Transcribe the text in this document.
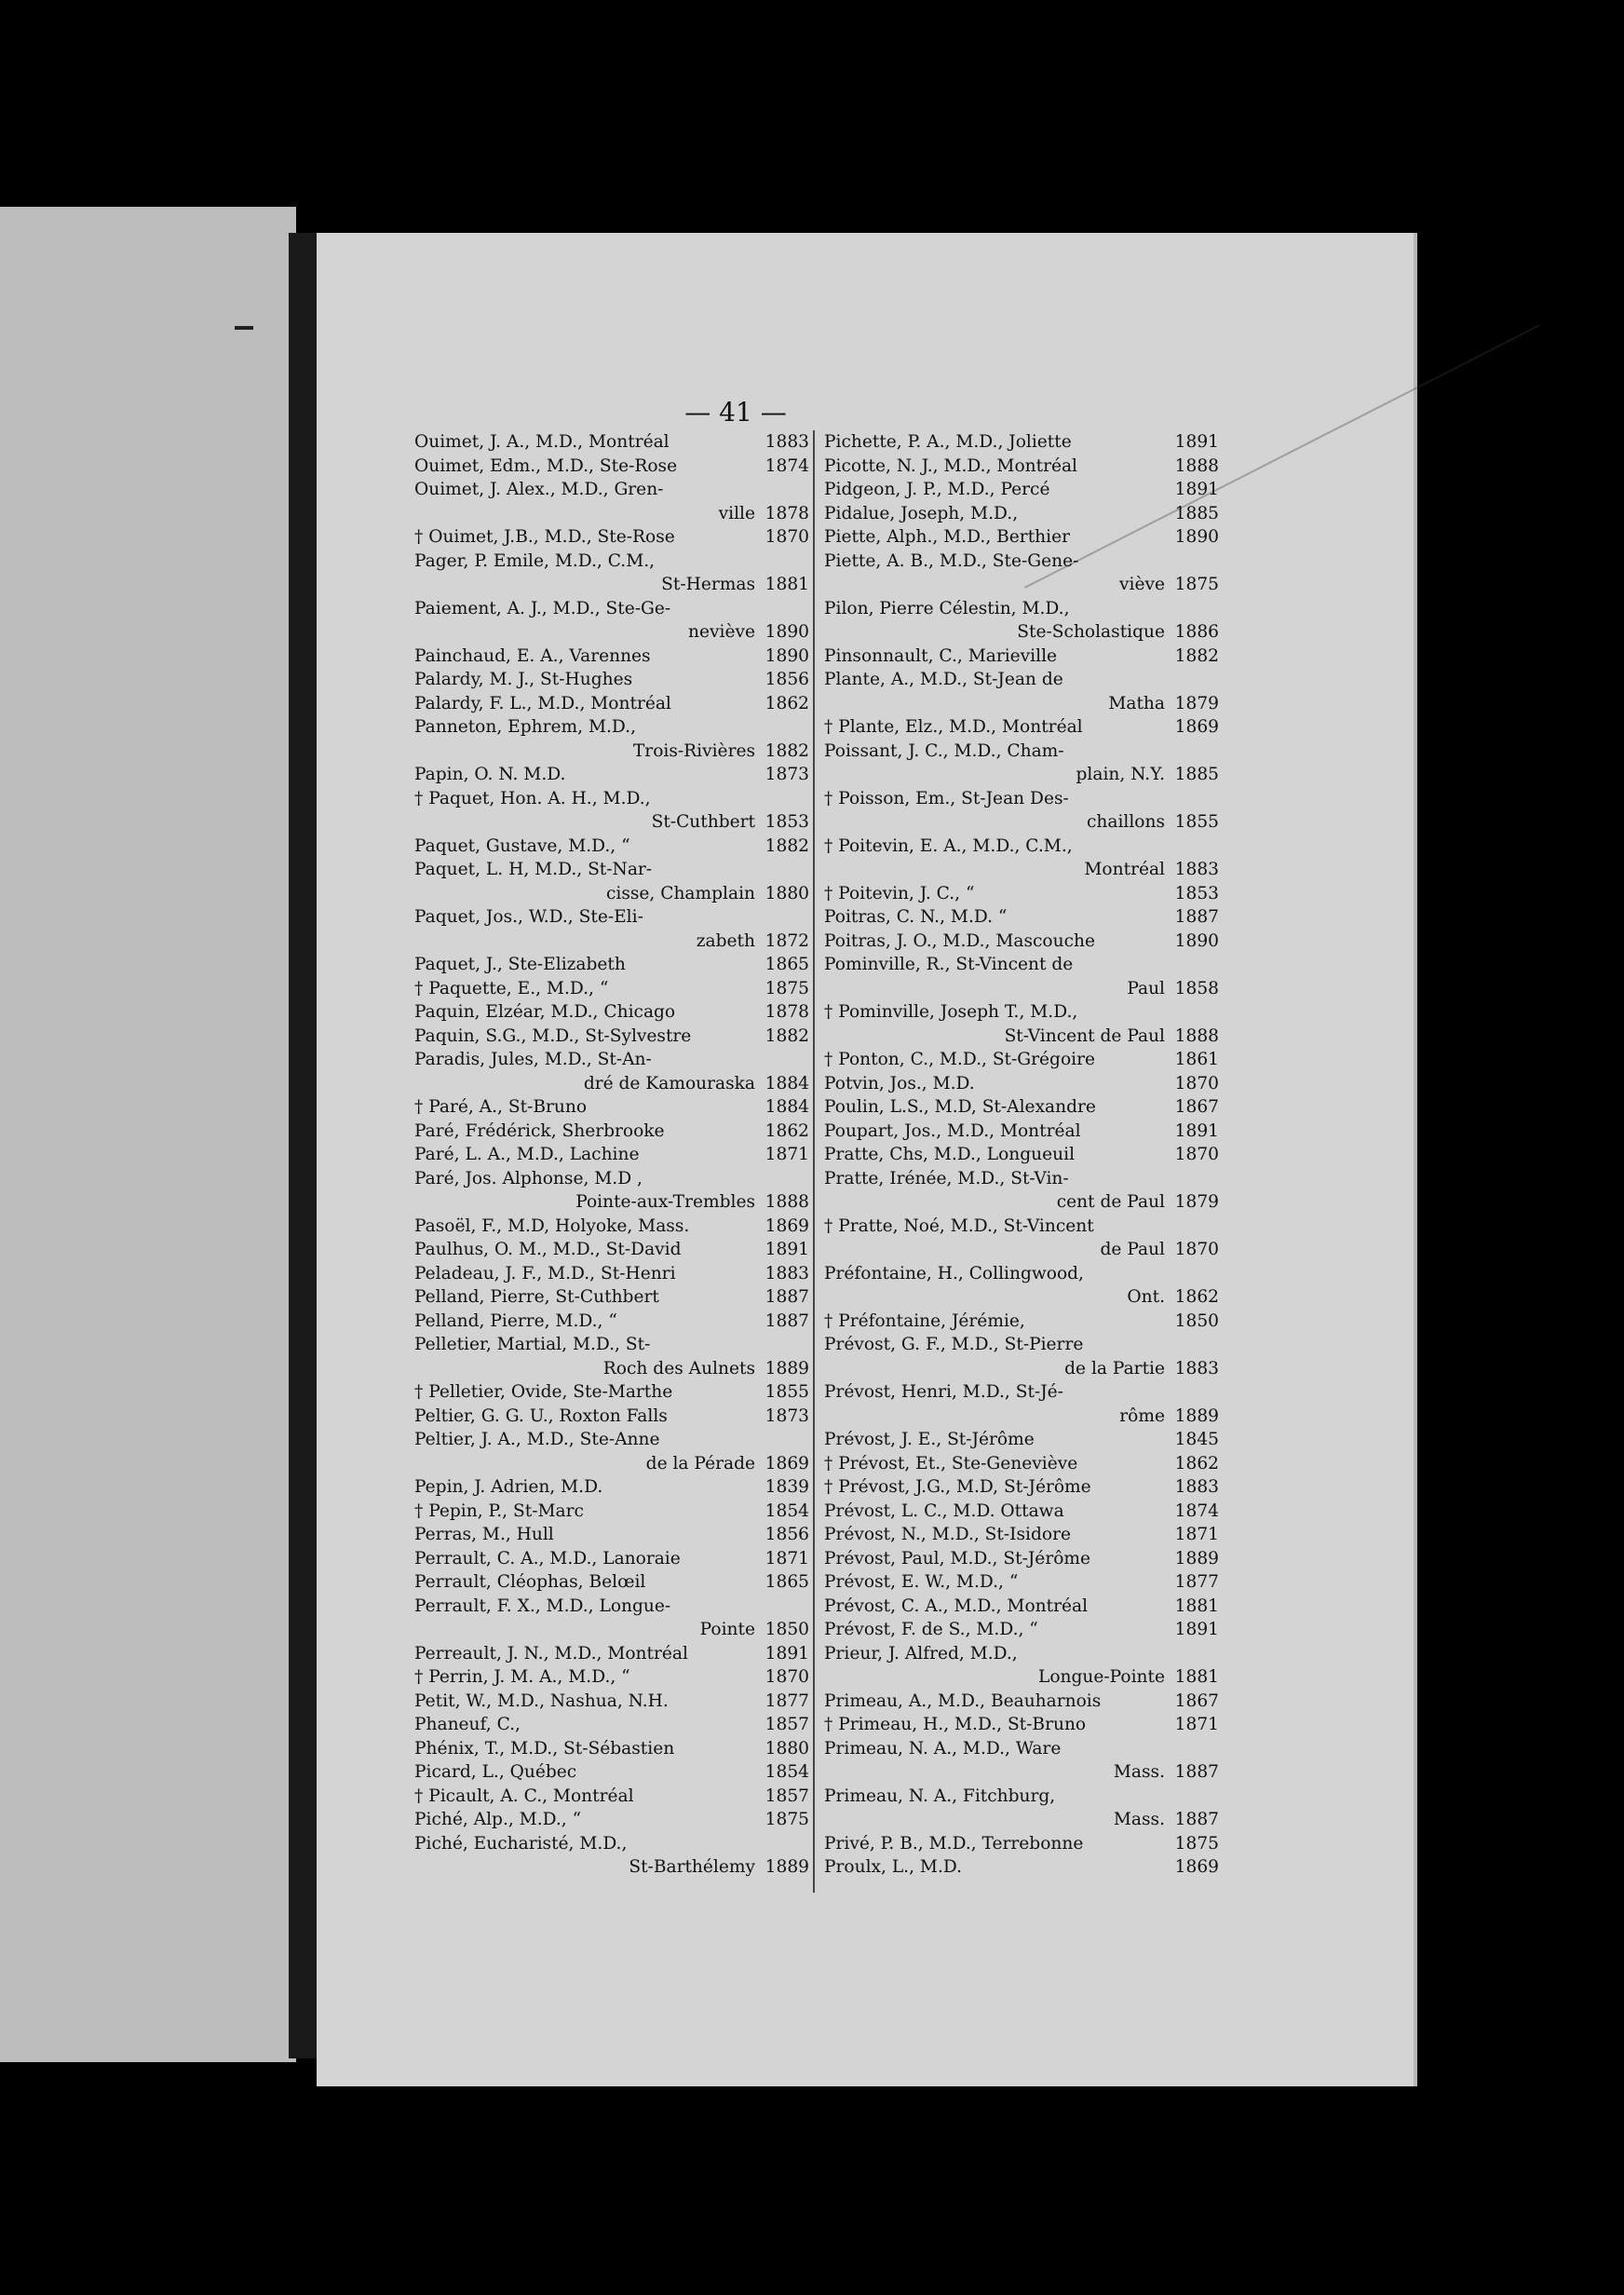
— 41 —
Ouimet, J. A., M.D., Montréal	1883
Ouimet, Edm., M.D., Ste-Rose	1874
Ouimet, J. Alex., M.D., Gren-
ville 1878
† Ouimet, J.B., M.D., Ste-Rose	1870
Pager, P. Emile, M.D., C.M.,
St-Hermas 1881
Paiement, A. J., M.D., Ste-Ge-
neviève 1890
Painchaud, E. A., Varennes	1890
Palardy, M. J., St-Hughes	1856
Palardy, F. L., M.D., Montréal	1862
Panneton, Ephrem, M.D.,
Trois-Rivières 1882
Papin, O. N. M.D.	1873
† Paquet, Hon. A. H., M.D.,
St-Cuthbert 1853
Paquet, Gustave, M.D., “	1882
Paquet, L. H, M.D., St-Nar-
cisse, Champlain 1880
Paquet, Jos., W.D., Ste-Eli-
zabeth 1872
Paquet, J., Ste-Elizabeth	1865
† Paquette, E., M.D., “	1875
Paquin, Elzéar, M.D., Chicago	1878
Paquin, S.G., M.D., St-Sylvestre	1882
Paradis, Jules, M.D., St-An-
dré de Kamouraska 1884
† Paré, A., St-Bruno	1884
Paré, Frédérick, Sherbrooke	1862
Paré, L. A., M.D., Lachine	1871
Paré, Jos. Alphonse, M.D ,
Pointe-aux-Trembles 1888
Pasoël, F., M.D, Holyoke, Mass.	1869
Paulhus, O. M., M.D., St-David	1891
Peladeau, J. F., M.D., St-Henri	1883
Pelland, Pierre, St-Cuthbert	1887
Pelland, Pierre, M.D., “	1887
Pelletier, Martial, M.D., St-
Roch des Aulnets 1889
† Pelletier, Ovide, Ste-Marthe	1855
Peltier, G. G. U., Roxton Falls	1873
Peltier, J. A., M.D., Ste-Anne
de la Pérade 1869
Pepin, J. Adrien, M.D.	1839
† Pepin, P., St-Marc	1854
Perras, M., Hull	1856
Perrault, C. A., M.D., Lanoraie	1871
Perrault, Cléophas, Belœil	1865
Perrault, F. X., M.D., Longue-
Pointe 1850
Perreault, J. N., M.D., Montréal	1891
† Perrin, J. M. A., M.D., “	1870
Petit, W., M.D., Nashua, N.H.	1877
Phaneuf, C.,	1857
Phénix, T., M.D., St-Sébastien	1880
Picard, L., Québec	1854
† Picault, A. C., Montréal	1857
Piché, Alp., M.D., “	1875
Piché, Eucharisté, M.D.,
St-Barthélemy 1889
Pichette, P. A., M.D., Joliette	1891
Picotte, N. J., M.D., Montréal	1888
Pidgeon, J. P., M.D., Percé	1891
Pidalue, Joseph, M.D.,	1885
Piette, Alph., M.D., Berthier	1890
Piette, A. B., M.D., Ste-Gene-
viève 1875
Pilon, Pierre Célestin, M.D.,
Ste-Scholastique 1886
Pinsonnault, C., Marieville	1882
Plante, A., M.D., St-Jean de
Matha 1879
† Plante, Elz., M.D., Montréal	1869
Poissant, J. C., M.D., Cham-
plain, N.Y. 1885
† Poisson, Em., St-Jean Des-
chaillons 1855
† Poitevin, E. A., M.D., C.M.,
Montréal 1883
† Poitevin, J. C., “	1853
Poitras, C. N., M.D. “	1887
Poitras, J. O., M.D., Mascouche	1890
Pominville, R., St-Vincent de
Paul 1858
† Pominville, Joseph T., M.D.,
St-Vincent de Paul 1888
† Ponton, C., M.D., St-Grégoire	1861
Potvin, Jos., M.D.	1870
Poulin, L.S., M.D, St-Alexandre	1867
Poupart, Jos., M.D., Montréal	1891
Pratte, Chs, M.D., Longueuil	1870
Pratte, Irénée, M.D., St-Vin-
cent de Paul 1879
† Pratte, Noé, M.D., St-Vincent
de Paul 1870
Préfontaine, H., Collingwood,
Ont. 1862
† Préfontaine, Jérémie,	1850
Prévost, G. F., M.D., St-Pierre
de la Partie 1883
Prévost, Henri, M.D., St-Jé-
rôme 1889
Prévost, J. E., St-Jérôme	1845
† Prévost, Et., Ste-Geneviève	1862
† Prévost, J.G., M.D, St-Jérôme	1883
Prévost, L. C., M.D. Ottawa	1874
Prévost, N., M.D., St-Isidore	1871
Prévost, Paul, M.D., St-Jérôme	1889
Prévost, E. W., M.D., “	1877
Prévost, C. A., M.D., Montréal	1881
Prévost, F. de S., M.D., “	1891
Prieur, J. Alfred, M.D.,
Longue-Pointe 1881
Primeau, A., M.D., Beauharnois	1867
† Primeau, H., M.D., St-Bruno	1871
Primeau, N. A., M.D., Ware
Mass. 1887
Primeau, N. A., Fitchburg,
Mass. 1887
Privé, P. B., M.D., Terrebonne	1875
Proulx, L., M.D.	1869
